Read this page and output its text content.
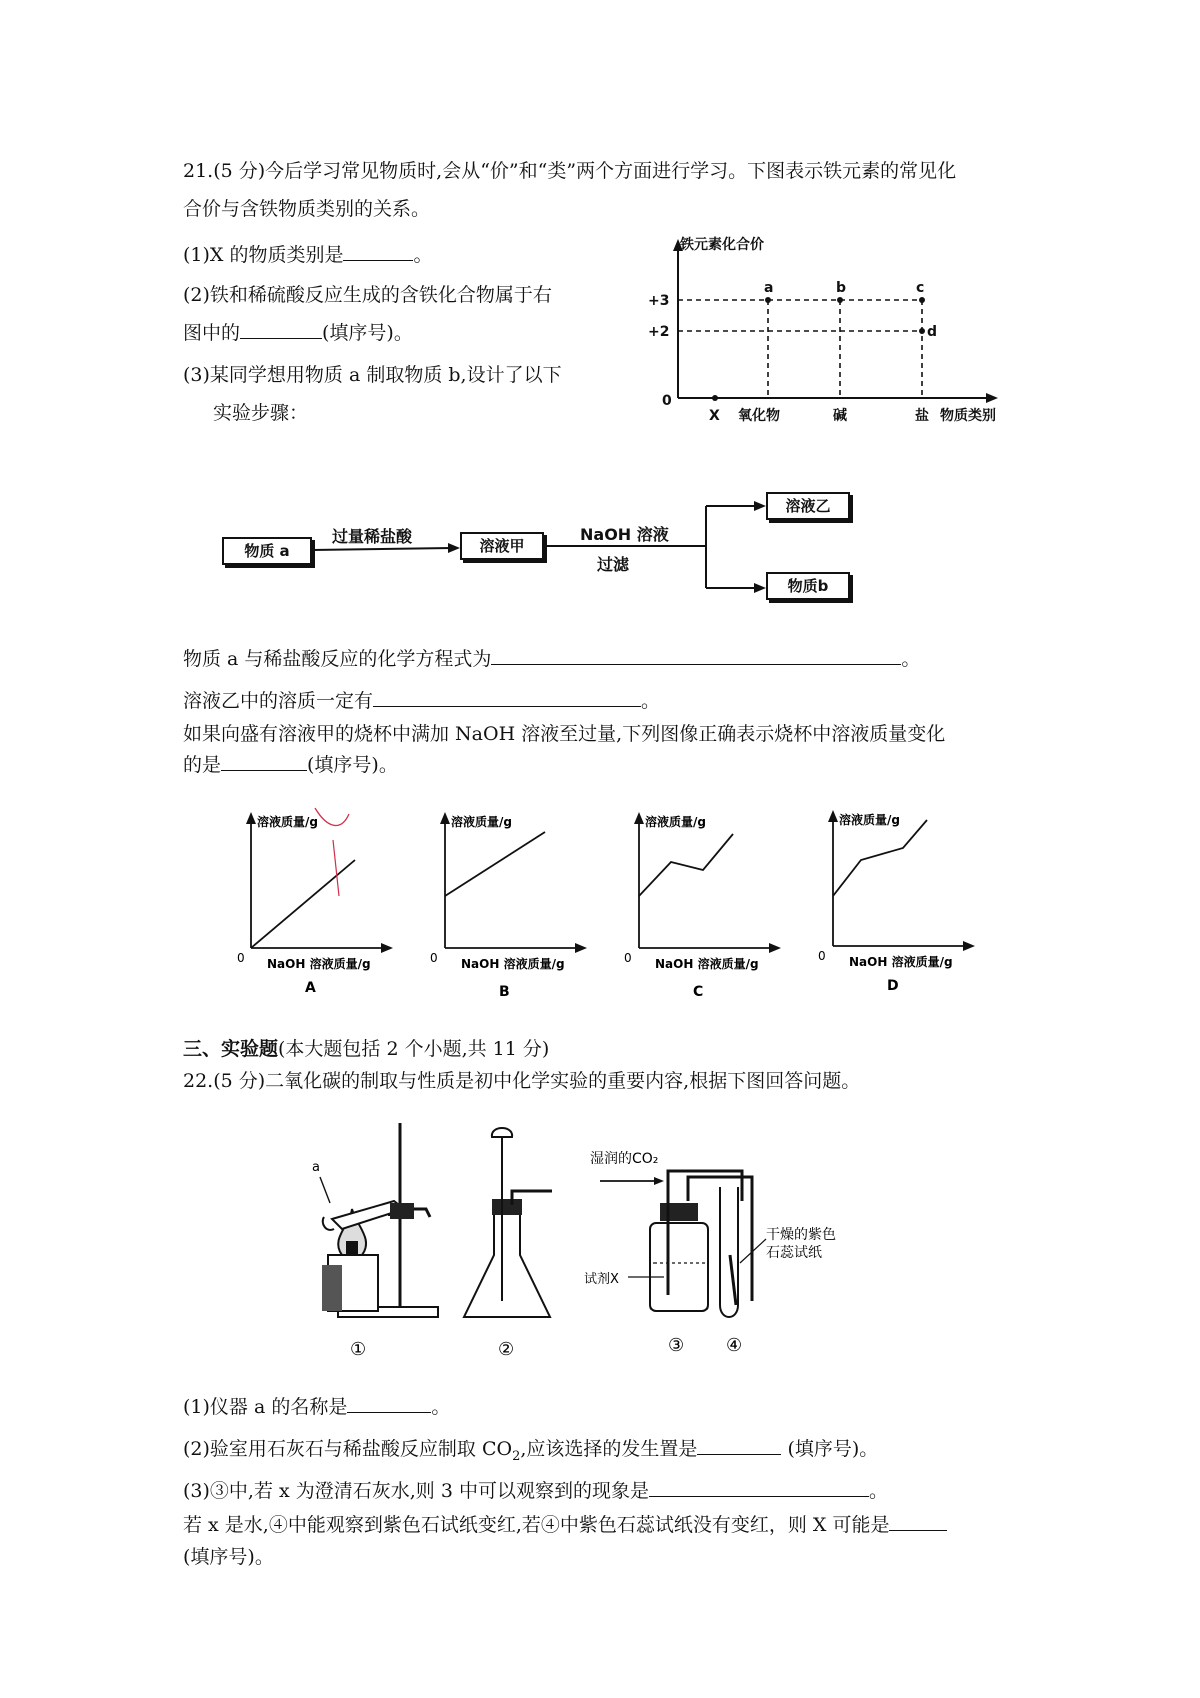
21.(5 分)今后学习常见物质时,会从“价”和“类”两个方面进行学习。下图表示铁元素的常见化
合价与含铁物质类别的关系。
(1)X 的物质类别是	。
(2)铁和稀硫酸反应生成的含铁化合物属于右
图中的	(填序号)。
(3)某同学想用物质 a 制取物质 b,设计了以下
实验步骤：
铁元素化合价
+3
+2
0
a	b	c
d
X 氧化物	碱	盐 物质类别
物质 a	溶液甲
溶液乙
物质b
过量稀盐酸	NaOH 溶液
过滤
物质 a 与稀盐酸反应的化学方程式为	。
溶液乙中的溶质一定有	。
如果向盛有溶液甲的烧杯中满加 NaOH 溶液至过量,下列图像正确表示烧杯中溶液质量变化
的是	(填序号)。
溶液质量/g
0 NaOH 溶液质量/g
A
溶液质量/g
0 NaOH 溶液质量/g
B
溶液质量/g
0 NaOH 溶液质量/g
C
溶液质量/g
0 NaOH 溶液质量/g
D
三、实验题(本大题包括 2 个小题,共 11 分)
22.(5 分)二氧化碳的制取与性质是初中化学实验的重要内容,根据下图回答问题。
a
①	②
湿润的CO₂
试剂X
干燥的紫色
石蕊试纸
③ ④
(1)仪器 a 的名称是	。
(2)验室用石灰石与稀盐酸反应制取 $CO_2$,应该选择的发生置是	(填序号)。
(3)③中,若 x 为澄清石灰水,则 3 中可以观察到的现象是	。
若 x 是水,④中能观察到紫色石试纸变红,若④中紫色石蕊试纸没有变红，则 X 可能是
(填序号)。
